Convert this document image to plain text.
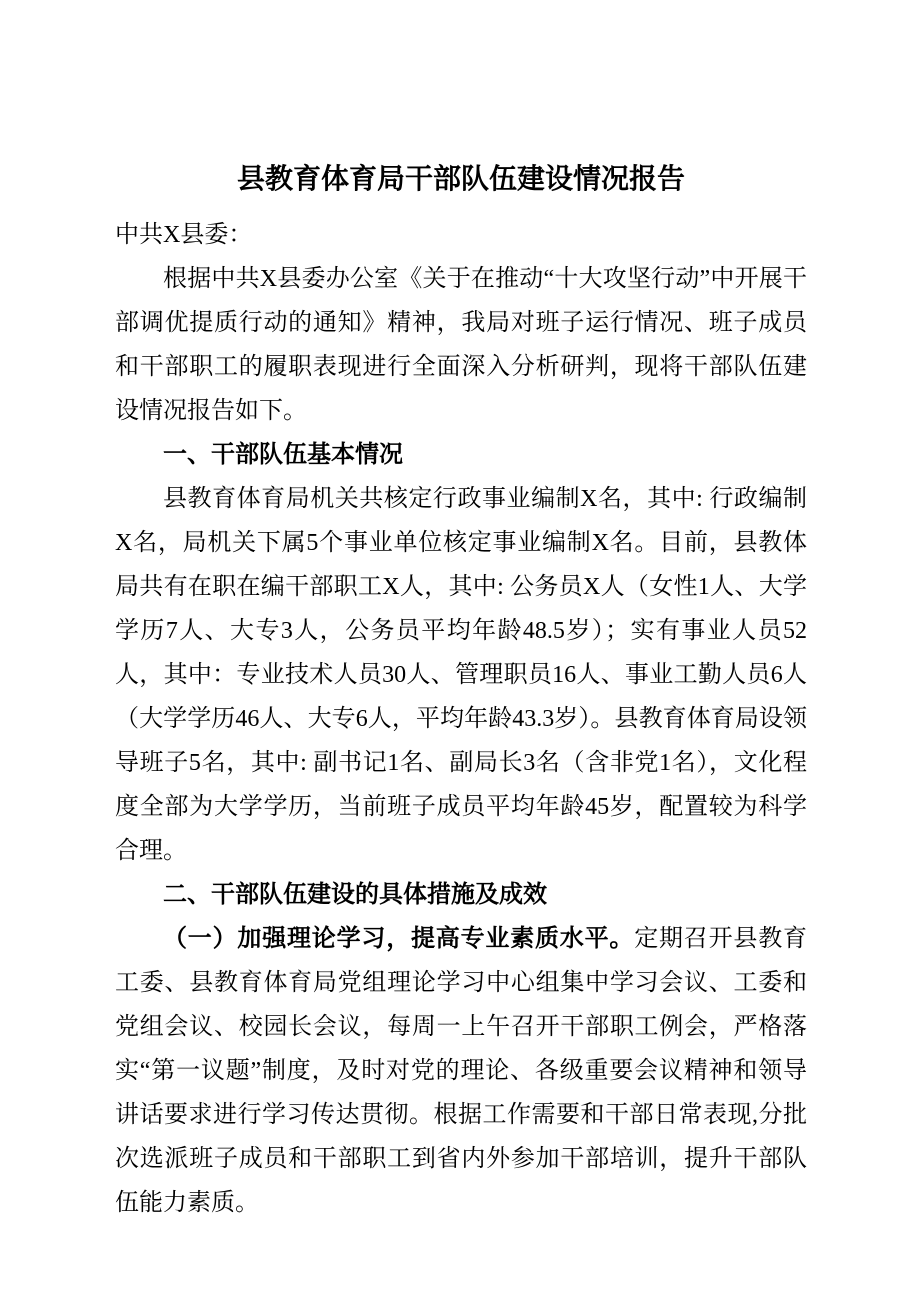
县教育体育局干部队伍建设情况报告

中共X县委：

根据中共X县委办公室《关于在推动“十大攻坚行动”中开展干部调优提质行动的通知》精神，我局对班子运行情况、班子成员和干部职工的履职表现进行全面深入分析研判，现将干部队伍建设情况报告如下。

一、干部队伍基本情况

县教育体育局机关共核定行政事业编制X名，其中: 行政编制X名，局机关下属5个事业单位核定事业编制X名。目前，县教体局共有在职在编干部职工X人，其中: 公务员X人（女性1人、大学学历7人、大专3人，公务员平均年龄48.5岁）；实有事业人员52人，其中：专业技术人员30人、管理职员16人、事业工勤人员6人（大学学历46人、大专6人，平均年龄43.3岁）。县教育体育局设领导班子5名，其中: 副书记1名、副局长3名（含非党1名），文化程度全部为大学学历，当前班子成员平均年龄45岁，配置较为科学合理。

二、干部队伍建设的具体措施及成效

（一）加强理论学习，提高专业素质水平。定期召开县教育工委、县教育体育局党组理论学习中心组集中学习会议、工委和党组会议、校园长会议，每周一上午召开干部职工例会，严格落实“第一议题”制度，及时对党的理论、各级重要会议精神和领导讲话要求进行学习传达贯彻。根据工作需要和干部日常表现,分批次选派班子成员和干部职工到省内外参加干部培训，提升干部队伍能力素质。
